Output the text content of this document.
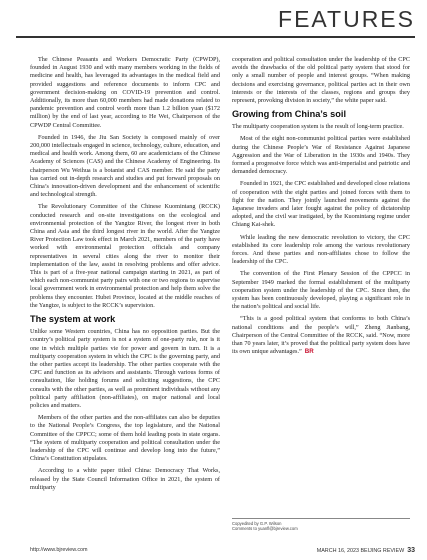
FEATURES

The Chinese Peasants and Workers Democratic Party (CPWDP), founded in August 1930 and with many members working in the fields of medicine and health, has leveraged its advantages in the medical field and provided suggestions and reference documents to inform CPC and government decision-making on COVID-19 prevention and control. Additionally, its more than 60,000 members had made donations related to pandemic prevention and control worth more than 1.2 billion yuan ($172 million) by the end of last year, according to He Wei, Chairperson of the CPWDP Central Committee.

Founded in 1946, the Jiu San Society is composed mainly of over 200,000 intellectuals engaged in science, technology, culture, education, and medical and health work. Among them, 60 are academicians of the Chinese Academy of Sciences (CAS) and the Chinese Academy of Engineering. Its chairperson Wu Weihua is a botanist and CAS member. He said the party has carried out in-depth research and studies and put forward proposals on China’s innovation-driven development and the enhancement of scientific and technological strength.

The Revolutionary Committee of the Chinese Kuomintang (RCCK) conducted research and on-site investigations on the ecological and environmental protection of the Yangtze River, the longest river in both China and Asia and the third longest river in the world. After the Yangtze River Protection Law took effect in March 2021, members of the party have worked with environmental protection officials and company representatives in several cities along the river to monitor their implementation of the law, assist in resolving problems and offer advice. This is part of a five-year national campaign starting in 2021, as part of which each non-communist party pairs with one or two regions to supervise local government work in environmental protection and help them solve the problems they encounter. Hubei Province, located at the middle reaches of the Yangtze, is subject to the RCCK’s supervision.

The system at work

Unlike some Western countries, China has no opposition parties. But the country’s political party system is not a system of one-party rule, nor is it one in which multiple parties vie for power and govern in turn. It is a multiparty cooperation system in which the CPC is the governing party, and the other parties accept its leadership. The other parties cooperate with the CPC and function as its advisors and assistants. Through various forms of consultation, like holding forums and soliciting suggestions, the CPC consults with the other parties, as well as prominent individuals without any political party affiliation (non-affiliates), on major national and local policies and matters.

Members of the other parties and the non-affiliates can also be deputies to the National People’s Congress, the top legislature, and the National Committee of the CPPCC; some of them hold leading posts in state organs. “The system of multiparty cooperation and political consultation under the leadership of the CPC will continue and develop long into the future,” China’s Constitution stipulates.

According to a white paper titled China: Democracy That Works, released by the State Council Information Office in 2021, the system of multiparty

cooperation and political consultation under the leadership of the CPC avoids the drawbacks of the old political party system that stood for only a small number of people and interest groups. “When making decisions and exercising governance, political parties act in their own interests or the interests of the classes, regions and groups they represent, provoking division in society,” the white paper said.

Growing from China’s soil

The multiparty cooperation system is the result of long-term practice.

Most of the eight non-communist political parties were established during the Chinese People’s War of Resistance Against Japanese Aggression and the War of Liberation in the 1930s and 1940s. They formed a progressive force which was anti-imperialist and patriotic and demanded democracy.

Founded in 1921, the CPC established and developed close relations of cooperation with the eight parties and joined forces with them to fight for the nation. They jointly launched movements against the Japanese invaders and later fought against the policy of dictatorship adopted, and the civil war instigated, by the Kuomintang regime under Chiang Kai-shek.

While leading the new democratic revolution to victory, the CPC established its core leadership role among the various revolutionary forces. And these parties and non-affiliates chose to follow the leadership of the CPC.

The convention of the First Plenary Session of the CPPCC in September 1949 marked the formal establishment of the multiparty cooperation system under the leadership of the CPC. Since then, the system has been continuously developed, playing a significant role in the nation’s political and social life.

“This is a good political system that conforms to both China’s national conditions and the people’s will,” Zheng Jianbang, Chairperson of the Central Committee of the RCCK, said. “Now, more than 70 years later, it’s proved that the political party system does have its own unique advantages.” BR

Copyedited by G.P. Wilson
Comments to yuanfl@bjreview.com
http://www.bjreview.com	MARCH 16, 2023 BEIJING REVIEW 33
